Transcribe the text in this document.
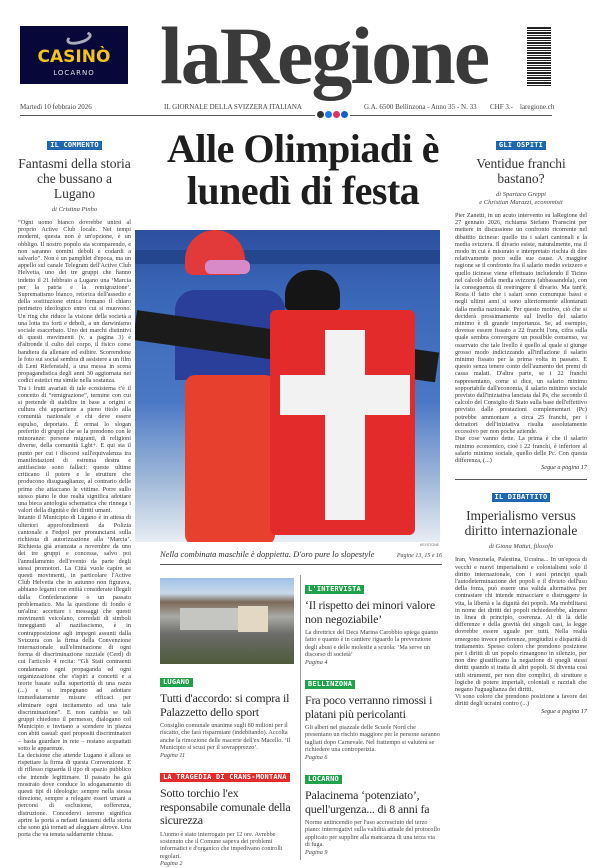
CASINÒ
LOCARNO laRegione
Martedì 10 febbraio 2026	IL GIORNALE DELLA SVIZZERA ITALIANA	G.A. 6500 Bellinzona - Anno 35 - N. 33 CHF 3.- laregione.ch
IL COMMENTO
Fantasmi della storia che bussano a Lugano
di Cristina Pinho

“Ogni uomo bianco dovrebbe unirsi al proprio Active Club locale. Nei tempi moderni, questa non è un'opzione, è un obbligo. Il nostro popolo sta scomparendo, e non saranno uomini deboli e codardi a salvarlo”. Non è un pamphlet d'epoca, ma un appello sul canale Telegram dell'Active Club Helvetia, uno dei tre gruppi che hanno indetto il 21 febbraio a Lugano una ‘Marcia per la patria e la remigrazione’. Suprematismo bianco, retorica dell'assedio e della sostituzione etnica formano il chiaro perimetro ideologico entro cui si muovono. Un ring che riduce la visione della società a una lotta tra forti e deboli, a un darwinismo sociale esacerbato. Uno dei marchi distintivi di questi movimenti (v. a pagina 3) è d'altronde il culto del corpo, il fisico come bandiera da allenare ed esibire. Scorrendone le foto sui social sembra di assistere a un film di Leni Riefenstahl, a una messa in scena propagandistica degli anni 30 aggiornata nei codici estetici ma simile nella sostanza.

Tra i frutti avariati di tale ecosistema c'è il concetto di “remigrazione”, termine con cui si pretende di stabilire in base a origini e cultura chi appartiene a pieno titolo alla comunità nazionale e chi deve essere espulso, deportato. È ormai lo slogan preferito di gruppi che se la prendono con le minoranze: persone migranti, di religioni diverse, della comunità Lgbt+. E qui sta il punto per cui i discorsi sull'equivalenza tra manifestazioni di estrema destra e antifasciste sono fallaci: queste ultime criticano il potere e le strutture che producono disuguaglianze, al contrario delle prime che attaccano le vittime. Porre sullo stesso piano le due realtà significa adottare una bieca antologia schematica che rinnega i valori della dignità e dei diritti umani.

Intanto il Municipio di Lugano è in attesa di ulteriori approfondimenti da Polizia cantonale e Fedpol per pronunciarsi sulla richiesta di autorizzazione alla ‘Marcia’. Richiesta già avanzata a novembre da uno dei tre gruppi e concessa, salvo poi l'annullamento dell'evento da parte degli stessi promotori. La Città vuole capire se questi movimenti, in particolare l'Active Club Helvetia che in autunno non figurava, abbiano legami con entità considerate illegali dalla Confederazione o un passato problematico. Ma la questione di fondo è un'altra: accettare i messaggi che questi movimenti veicolano, corredati di simboli inneggianti al nazifascismo, è in contrapposizione agli impegni assunti dalla Svizzera con la firma della Convenzione internazionale sull'eliminazione di ogni forma di discriminazione razziale (Cerd) di cui l'articolo 4 recita: “Gli Stati contraenti condannano ogni propaganda ed ogni organizzazione che s'ispiri a concetti e a teorie basate sulla superiorità di una razza (...) e si impegnano ad adottare immediatamente misure efficaci per eliminare ogni incitamento ad una tale discriminazione”. E non cambia se tali gruppi chiedono il permesso, dialogano col Municipio e invitano a scendere in piazza con abiti casual: quei propositi discriminatori – basta guardare in rete – restano acquattati sotto le apparenze.

La decisione che attende Lugano è allora se rispettare la firma di questa Convenzione. E di riflesso riguarda il tipo di spazio pubblico che intende legittimare. Il passato ha già mostrato dove conduce lo sdoganamento di questi tipi di ideologie: sempre nella stessa direzione, sempre a relegare esseri umani a percorsi di esclusione, sofferenza, distruzione. Concedervi terreno significa aprire la porta a nefasti fantasmi della storia che sono già tornati ad aleggiare altrove. Una porta che va tenuta saldamente chiusa.

Alle Olimpiadi è lunedì di festa
KEYSTONE
Nella combinata maschile è doppietta. D'oro pure lo slopestyle	Pagine 13, 15 e 16
LUGANO
Tutti d'accordo: si compra il Palazzetto dello sport
Consiglio comunale unanime sugli 80 milioni per il riscatto, che farà risparmiare (indebitando). Accolta anche la rimozione delle macerie dell'ex Macello. ‘Il Municipio si scusi per il sovrapprezzo’.
Pagina 11
LA TRAGEDIA DI CRANS-MONTANA
Sotto torchio l'ex responsabile comunale della sicurezza
L'uomo è stato interrogato per 12 ore. Avrebbe sostenuto che il Comune sapeva dei problemi informatici e d'organico che impedivano controlli regolari.
Pagina 2
L'INTERVISTA
‘Il rispetto dei minori valore non negoziabile’
La direttrice del Decs Marina Carobbio spiega quanto fatto e quanto è in cantiere riguardo la prevenzione degli abusi e delle molestie a scuola: ‘Ma serve un discorso di società’
Pagina 4
BELLINZONA
Fra poco verranno rimossi i platani più pericolanti
Gli alberi nel piazzale delle Scuole Nord che presentano un rischio maggiore per le persone saranno tagliati dopo Carnevale. Nel frattempo si valuterà se richiedere una controperizia.
Pagina 6
LOCARNO
Palacinema ‘potenziato’, quell'urgenza... di 8 anni fa
Norme antincendio per l'uso accresciuto del terzo piano: interrogativi sulla validità attuale del protocollo applicato per supplire alla mancanza di una terza via di fuga.
Pagina 9
GLI OSPITI
Ventidue franchi bastano?
di Spartaco Greppi
e Christian Marazzi, economisti

Pier Zanetti, in un acuto intervento su laRegione del 27 gennaio 2026, richiama Stefano Franscini per mettere in discussione un confronto ricorrente nel dibattito ticinese: quello tra i salari cantonali e la media svizzera. Il divario esiste, naturalmente, ma il modo in cui è misurato e interpretato rischia di dire relativamente poco sulle sue cause. A maggior ragione se il confronto fra il salario medio svizzero e quello ticinese viene effettuato includendo il Ticino nel calcolo della media svizzera (abbassandola), con la conseguenza di restringere il divario. Ma tant'è. Resta il fatto che i salari sono comunque bassi e negli ultimi anni si sono ulteriormente allontanati dalla media nazionale. Per questo motivo, ciò che si deciderà prossimamente sul livello del salario minimo è di grande importanza. Se, ad esempio, dovesse essere fissato a 22 franchi l'ora, cifra sulla quale sembra convergere un possibile consenso, va osservato che tale livello è quello al quale si giunge grosso modo indicizzando all'inflazione il salario minimo fissato per la prima volta in passato. E questo senza tenere conto dell'aumento dei premi di cassa malati. D'altra parte, se i 22 franchi rappresentano, come si dice, un salario minimo sopportabile dall'economia, il salario minimo sociale previsto dall'iniziativa lanciata dal Ps, che secondo il calcolo del Consiglio di Stato sulla base dell'effettivo previsto dalle prestazioni complementari (Pc) potrebbe ammontare a circa 25 franchi, per i detrattori dell'iniziativa risulta assolutamente eccessivo per non poche aziende.

Due cose vanno dette. La prima è che il salario minimo economico, cioè i 22 franchi, è inferiore al salario minimo sociale, quello delle Pc. Con questa differenza, (...)

Segue a pagina 17
IL DIBATTITO
Imperialismo versus diritto internazionale
di Giona Mattei, filosofo

Iran, Venezuela, Palestina, Ucraina... In un'epoca di vecchi e nuovi imperialismi e colonialismi solo il diritto internazionale, con i suoi principi quali l'autodeterminazione dei popoli e il divieto dell'uso della forza, può essere una valida alternativa per contrastare chi intende minacciare e distruggere la vita, la libertà e la dignità dei popoli. Ma mobilitarsi in nome dei diritti dei popoli richiederebbe, almeno in linea di principio, coerenza. Al di là delle differenze e della gravità dei singoli casi, la legge dovrebbe essere uguale per tutti. Nella realtà emergono invece preferenze, pregiudizi e disparità di trattamento. Spesso coloro che prendono posizione per i diritti di un popolo rimangono in silenzio, per non dire giustificano la negazione di quegli stessi diritti quando si tratta di altri popoli. Si diventa così utili strumenti, per non dire complici, di strutture e logiche di potere imperiali, coloniali e razziali che negano l'uguaglianza dei diritti.

Vi sono coloro che prendono posizione a favore dei diritti degli ucraini contro (...)

Segue a pagina 17
